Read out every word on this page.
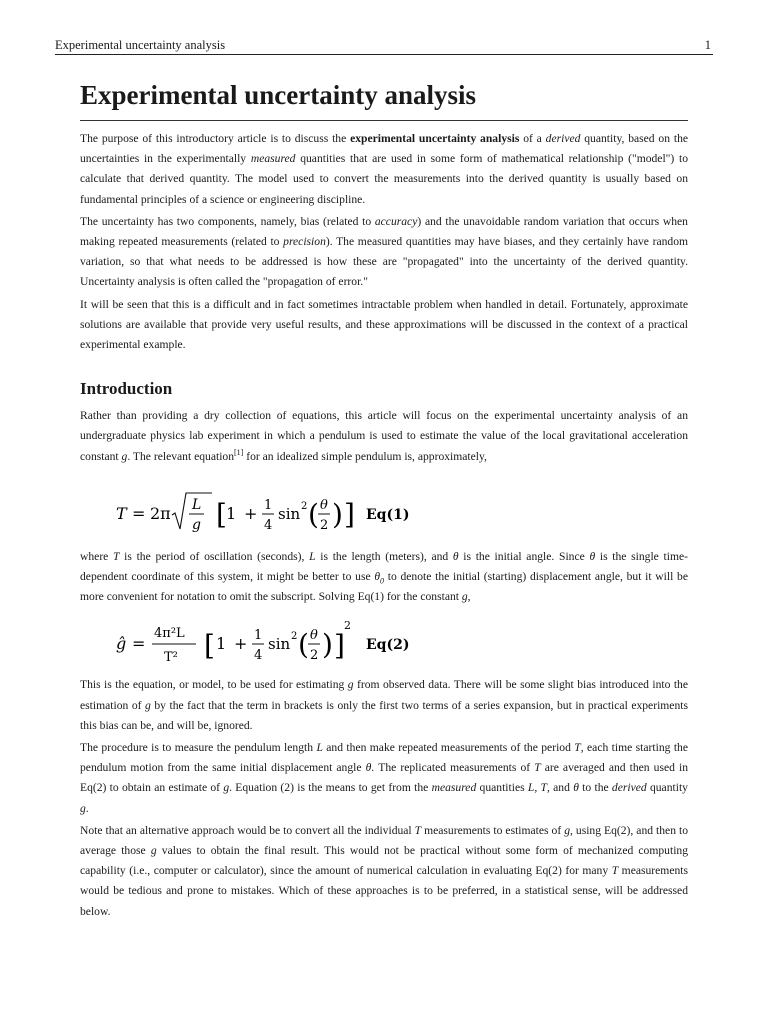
Experimental uncertainty analysis	1
Experimental uncertainty analysis

The purpose of this introductory article is to discuss the experimental uncertainty analysis of a derived quantity, based on the uncertainties in the experimentally measured quantities that are used in some form of mathematical relationship ("model") to calculate that derived quantity. The model used to convert the measurements into the derived quantity is usually based on fundamental principles of a science or engineering discipline.

The uncertainty has two components, namely, bias (related to accuracy) and the unavoidable random variation that occurs when making repeated measurements (related to precision). The measured quantities may have biases, and they certainly have random variation, so that what needs to be addressed is how these are "propagated" into the uncertainty of the derived quantity. Uncertainty analysis is often called the "propagation of error."

It will be seen that this is a difficult and in fact sometimes intractable problem when handled in detail. Fortunately, approximate solutions are available that provide very useful results, and these approximations will be discussed in the context of a practical experimental example.

Introduction

Rather than providing a dry collection of equations, this article will focus on the experimental uncertainty analysis of an undergraduate physics lab experiment in which a pendulum is used to estimate the value of the local gravitational acceleration constant g. The relevant equation[1] for an idealized simple pendulum is, approximately,

T = 2π L
g [ 1 + 1
4
sin 2 ( θ
2 ) ] Eq(1)

where T is the period of oscillation (seconds), L is the length (meters), and θ is the initial angle. Since θ is the single time-dependent coordinate of this system, it might be better to use $\theta_0$ to denote the initial (starting) displacement angle, but it will be more convenient for notation to omit the subscript. Solving Eq(1) for the constant g,

ĝ =
4π²L
T² [ 1 + 1
4
sin 2 ( θ
2 ) ]
2
Eq(2)

This is the equation, or model, to be used for estimating g from observed data. There will be some slight bias introduced into the estimation of g by the fact that the term in brackets is only the first two terms of a series expansion, but in practical experiments this bias can be, and will be, ignored.

The procedure is to measure the pendulum length L and then make repeated measurements of the period T, each time starting the pendulum motion from the same initial displacement angle θ. The replicated measurements of T are averaged and then used in Eq(2) to obtain an estimate of g. Equation (2) is the means to get from the measured quantities L, T, and θ to the derived quantity g.

Note that an alternative approach would be to convert all the individual T measurements to estimates of g, using Eq(2), and then to average those g values to obtain the final result. This would not be practical without some form of mechanized computing capability (i.e., computer or calculator), since the amount of numerical calculation in evaluating Eq(2) for many T measurements would be tedious and prone to mistakes. Which of these approaches is to be preferred, in a statistical sense, will be addressed below.
